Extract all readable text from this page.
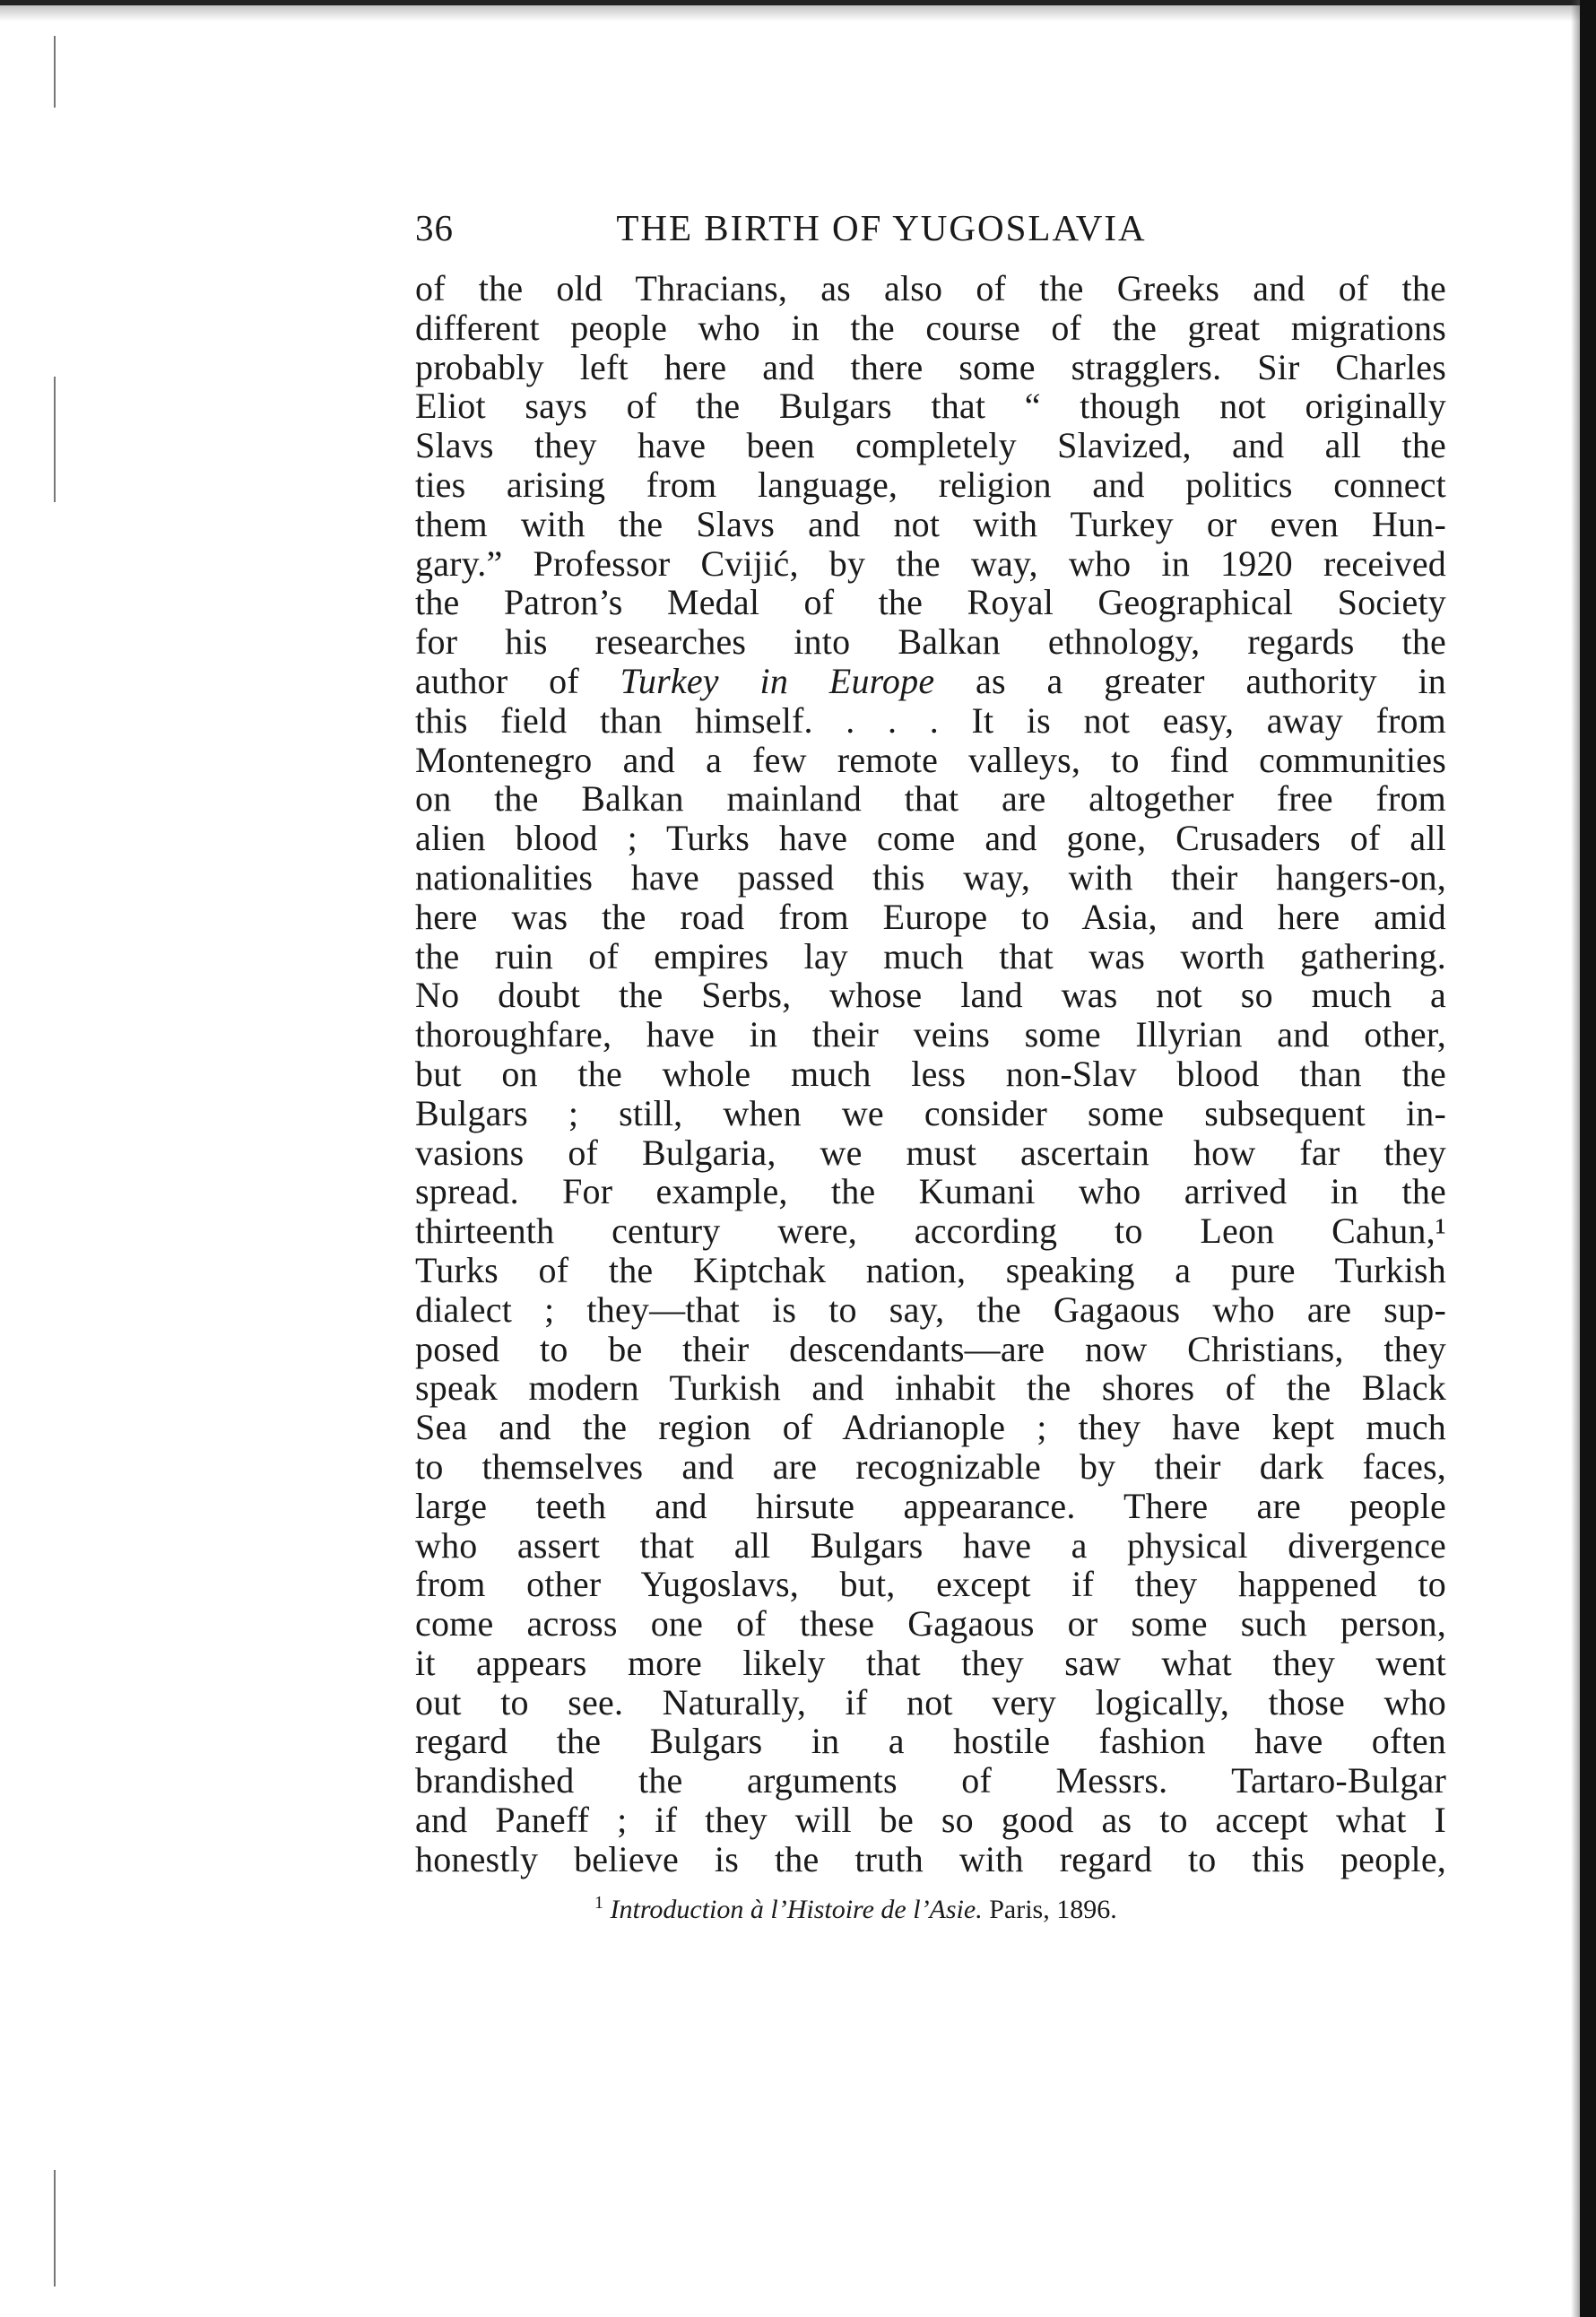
36	THE BIRTH OF YUGOSLAVIA
of the old Thracians, as also of the Greeks and of the
different people who in the course of the great migrations
probably left here and there some stragglers. Sir Charles
Eliot says of the Bulgars that “ though not originally
Slavs they have been completely Slavized, and all the
ties arising from language, religion and politics connect
them with the Slavs and not with Turkey or even Hun-
gary.” Professor Cvijić, by the way, who in 1920 received
the Patron’s Medal of the Royal Geographical Society
for his researches into Balkan ethnology, regards the
author of Turkey in Europe as a greater authority in
this field than himself. . . . It is not easy, away from
Montenegro and a few remote valleys, to find communities
on the Balkan mainland that are altogether free from
alien blood ; Turks have come and gone, Crusaders of all
nationalities have passed this way, with their hangers-on,
here was the road from Europe to Asia, and here amid
the ruin of empires lay much that was worth gathering.
No doubt the Serbs, whose land was not so much a
thoroughfare, have in their veins some Illyrian and other,
but on the whole much less non-Slav blood than the
Bulgars ; still, when we consider some subsequent in-
vasions of Bulgaria, we must ascertain how far they
spread. For example, the Kumani who arrived in the
thirteenth century were, according to Leon Cahun,¹
Turks of the Kiptchak nation, speaking a pure Turkish
dialect ; they—that is to say, the Gagaous who are sup-
posed to be their descendants—are now Christians, they
speak modern Turkish and inhabit the shores of the Black
Sea and the region of Adrianople ; they have kept much
to themselves and are recognizable by their dark faces,
large teeth and hirsute appearance. There are people
who assert that all Bulgars have a physical divergence
from other Yugoslavs, but, except if they happened to
come across one of these Gagaous or some such person,
it appears more likely that they saw what they went
out to see. Naturally, if not very logically, those who
regard the Bulgars in a hostile fashion have often
brandished the arguments of Messrs. Tartaro-Bulgar
and Paneff ; if they will be so good as to accept what I
honestly believe is the truth with regard to this people,
$^1$ Introduction à l’Histoire de l’Asie. Paris, 1896.
